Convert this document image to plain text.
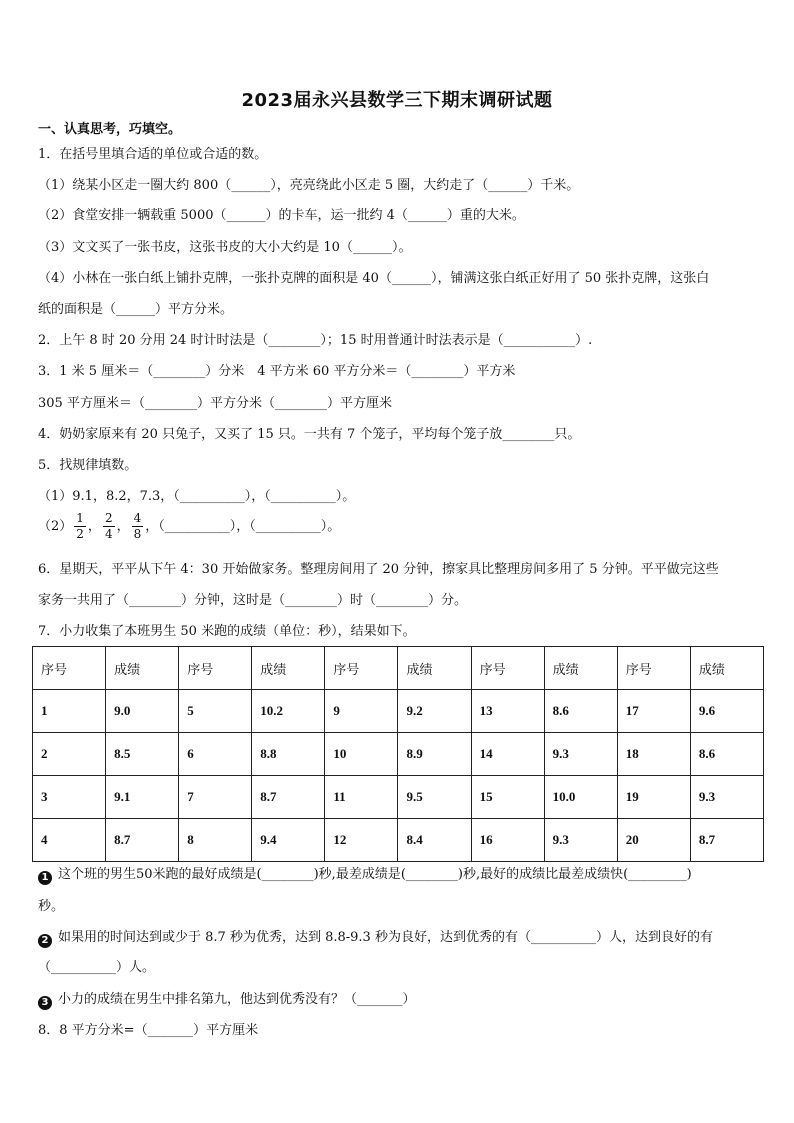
2023届永兴县数学三下期末调研试题
一、认真思考，巧填空。
1．在括号里填合适的单位或合适的数。
（1）绕某小区走一圈大约 800（______），亮亮绕此小区走 5 圈，大约走了（______）千米。
（2）食堂安排一辆载重 5000（______）的卡车，运一批约 4（______）重的大米。
（3）文文买了一张书皮，这张书皮的大小大约是 10（______）。
（4）小林在一张白纸上铺扑克牌，一张扑克牌的面积是 40（______），铺满这张白纸正好用了 50 张扑克牌，这张白
纸的面积是（______）平方分米。
2．上午 8 时 20 分用 24 时计时法是（________）；15 时用普通计时法表示是（___________）.
3．1 米 5 厘米＝（________）分米　4 平方米 60 平方分米＝（________）平方米
305 平方厘米＝（________）平方分米（________）平方厘米
4．奶奶家原来有 20 只兔子，又买了 15 只。一共有 7 个笼子，平均每个笼子放________只。
5．找规律填数。
（1）9.1，8.2，7.3，（__________），（__________）。
$(2) \frac{1}{2}$ ， $\frac{2}{4}$ ， $\frac{4}{8}$ ，（__________），（__________）。
6．星期天，平平从下午 4：30 开始做家务。整理房间用了 20 分钟，擦家具比整理房间多用了 5 分钟。平平做完这些
家务一共用了（________）分钟，这时是（________）时（________）分。
7．小力收集了本班男生 50 米跑的成绩（单位：秒），结果如下。
序号	成绩	序号	成绩	序号	成绩	序号	成绩	序号	成绩
1	9.0	5	10.2	9	9.2	13	8.6	17	9.6
2	8.5	6	8.8	10	8.9	14	9.3	18	8.6
3	9.1	7	8.7	11	9.5	15	10.0	19	9.3
4	8.7	8	9.4	12	8.4	16	9.3	20	8.7
1 这个班的男生50米跑的最好成绩是(________)秒,最差成绩是(________)秒,最好的成绩比最差成绩快(_________)
秒。
2 如果用的时间达到或少于 8.7 秒为优秀，达到 8.8-9.3 秒为良好，达到优秀的有（__________）人，达到良好的有
（__________）人。
3 小力的成绩在男生中排名第九，他达到优秀没有？（_______）
8．8 平方分米=（_______）平方厘米
